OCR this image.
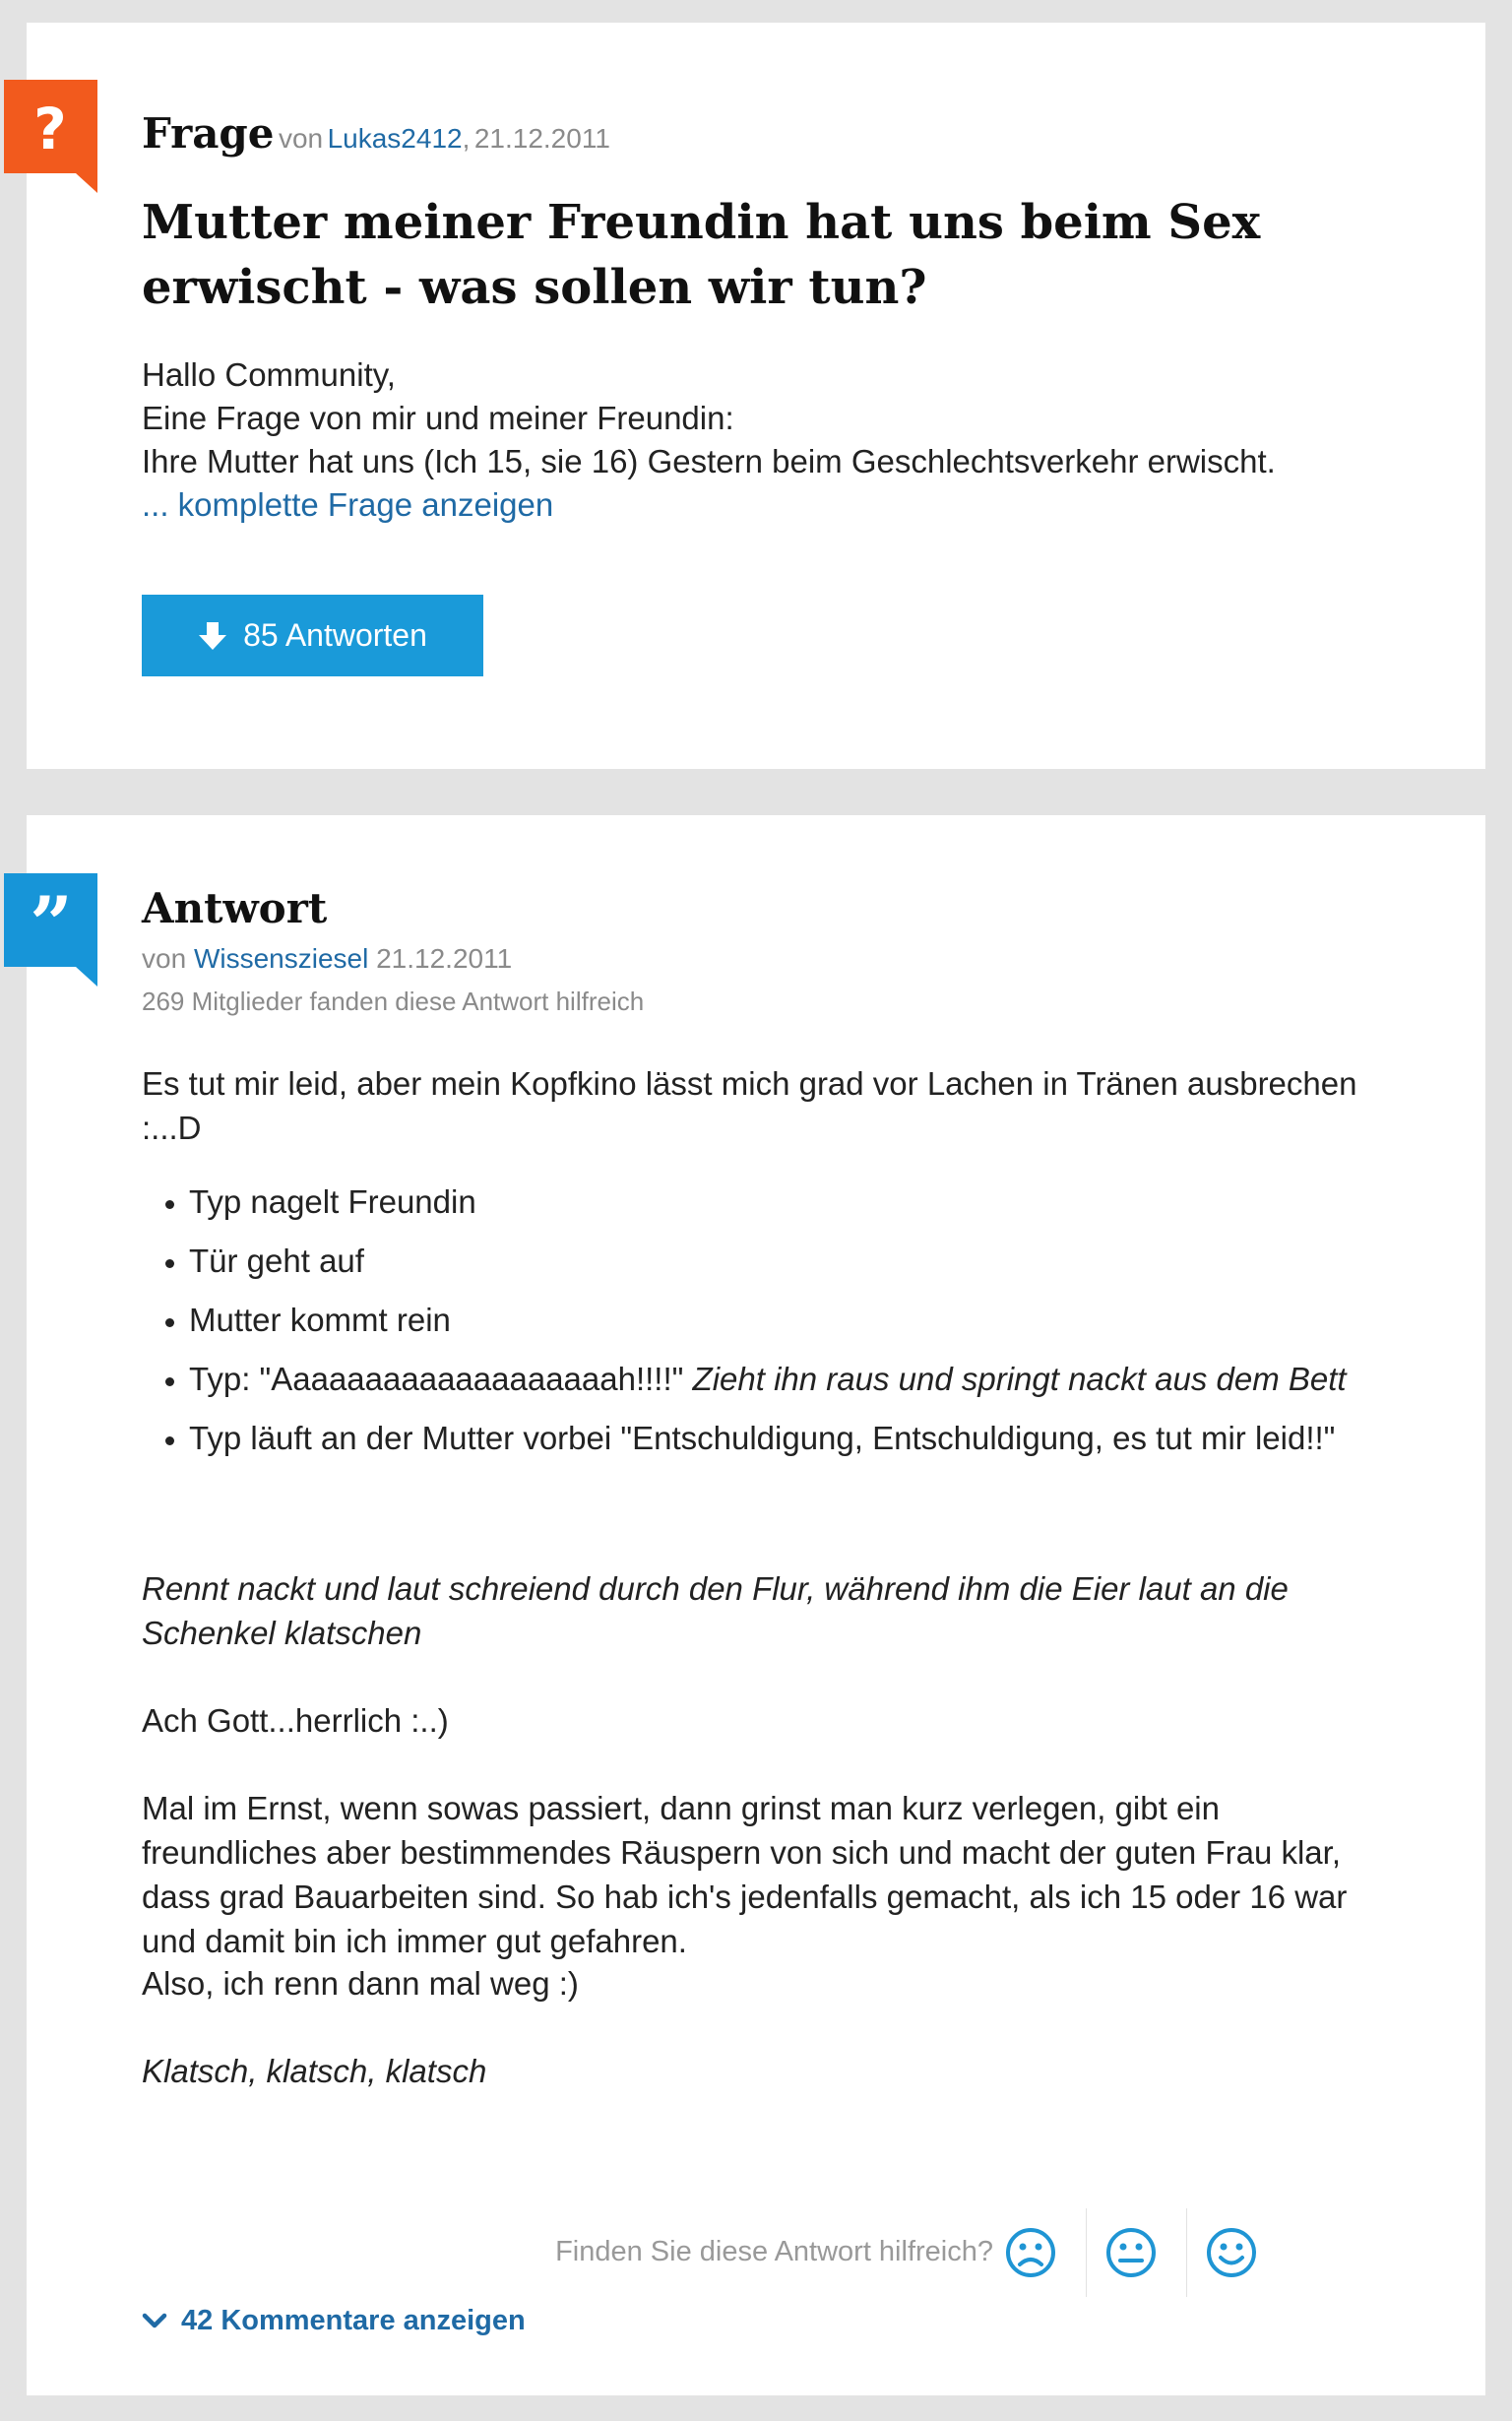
? Frage von Lukas2412, 21.12.2011
Mutter meiner Freundin hat uns beim Sex erwischt - was sollen wir tun?
Hallo Community,
Eine Frage von mir und meiner Freundin:
Ihre Mutter hat uns (Ich 15, sie 16) Gestern beim Geschlechtsverkehr erwischt.
... komplette Frage anzeigen
85 Antworten
” Antwort
von Wissensziesel 21.12.2011
269 Mitglieder fanden diese Antwort hilfreich

Es tut mir leid, aber mein Kopfkino lässt mich grad vor Lachen in Tränen ausbrechen :...D

• Typ nagelt Freundin
• Tür geht auf
• Mutter kommt rein
• Typ: "Aaaaaaaaaaaaaaaaaaah!!!!" Zieht ihn raus und springt nackt aus dem Bett
• Typ läuft an der Mutter vorbei "Entschuldigung, Entschuldigung, es tut mir leid!!"

Rennt nackt und laut schreiend durch den Flur, während ihm die Eier laut an die Schenkel klatschen

Ach Gott...herrlich :..)

Mal im Ernst, wenn sowas passiert, dann grinst man kurz verlegen, gibt ein freundliches aber bestimmendes Räuspern von sich und macht der guten Frau klar, dass grad Bauarbeiten sind. So hab ich's jedenfalls gemacht, als ich 15 oder 16 war und damit bin ich immer gut gefahren.

Also, ich renn dann mal weg :)

Klatsch, klatsch, klatsch

Finden Sie diese Antwort hilfreich?
42 Kommentare anzeigen
